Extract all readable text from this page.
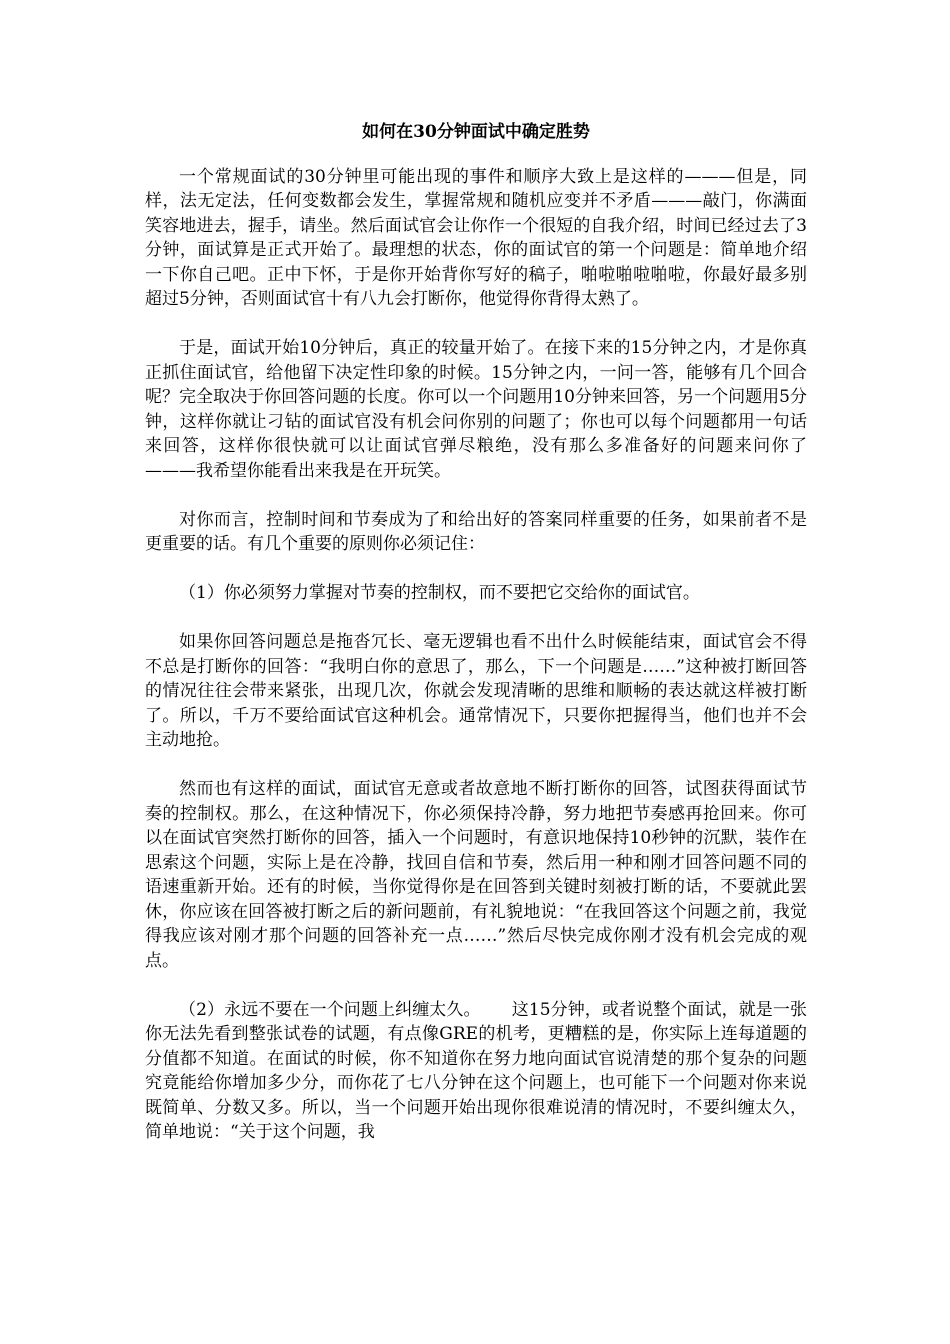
如何在30分钟面试中确定胜势

一个常规面试的30分钟里可能出现的事件和顺序大致上是这样的———但是，同样，法无定法，任何变数都会发生，掌握常规和随机应变并不矛盾———敲门，你满面笑容地进去，握手，请坐。然后面试官会让你作一个很短的自我介绍，时间已经过去了3分钟，面试算是正式开始了。最理想的状态，你的面试官的第一个问题是：简单地介绍一下你自己吧。正中下怀，于是你开始背你写好的稿子，啪啦啪啦啪啦，你最好最多别超过5分钟，否则面试官十有八九会打断你，他觉得你背得太熟了。

于是，面试开始10分钟后，真正的较量开始了。在接下来的15分钟之内，才是你真正抓住面试官，给他留下决定性印象的时候。15分钟之内，一问一答，能够有几个回合呢？完全取决于你回答问题的长度。你可以一个问题用10分钟来回答，另一个问题用5分钟，这样你就让刁钻的面试官没有机会问你别的问题了；你也可以每个问题都用一句话来回答，这样你很快就可以让面试官弹尽粮绝，没有那么多准备好的问题来问你了———我希望你能看出来我是在开玩笑。

对你而言，控制时间和节奏成为了和给出好的答案同样重要的任务，如果前者不是更重要的话。有几个重要的原则你必须记住：

（1）你必须努力掌握对节奏的控制权，而不要把它交给你的面试官。

如果你回答问题总是拖沓冗长、毫无逻辑也看不出什么时候能结束，面试官会不得不总是打断你的回答：“我明白你的意思了，那么，下一个问题是……”这种被打断回答的情况往往会带来紧张，出现几次，你就会发现清晰的思维和顺畅的表达就这样被打断了。所以，千万不要给面试官这种机会。通常情况下，只要你把握得当，他们也并不会主动地抢。

然而也有这样的面试，面试官无意或者故意地不断打断你的回答，试图获得面试节奏的控制权。那么，在这种情况下，你必须保持冷静，努力地把节奏感再抢回来。你可以在面试官突然打断你的回答，插入一个问题时，有意识地保持10秒钟的沉默，装作在思索这个问题，实际上是在冷静，找回自信和节奏，然后用一种和刚才回答问题不同的语速重新开始。还有的时候，当你觉得你是在回答到关键时刻被打断的话，不要就此罢休，你应该在回答被打断之后的新问题前，有礼貌地说：“在我回答这个问题之前，我觉得我应该对刚才那个问题的回答补充一点……”然后尽快完成你刚才没有机会完成的观点。

（2）永远不要在一个问题上纠缠太久。　　 这15分钟，或者说整个面试，就是一张你无法先看到整张试卷的试题，有点像GRE的机考，更糟糕的是，你实际上连每道题的分值都不知道。在面试的时候，你不知道你在努力地向面试官说清楚的那个复杂的问题究竟能给你增加多少分，而你花了七八分钟在这个问题上，也可能下一个问题对你来说既简单、分数又多。所以，当一个问题开始出现你很难说清的情况时，不要纠缠太久，简单地说：“关于这个问题，我
